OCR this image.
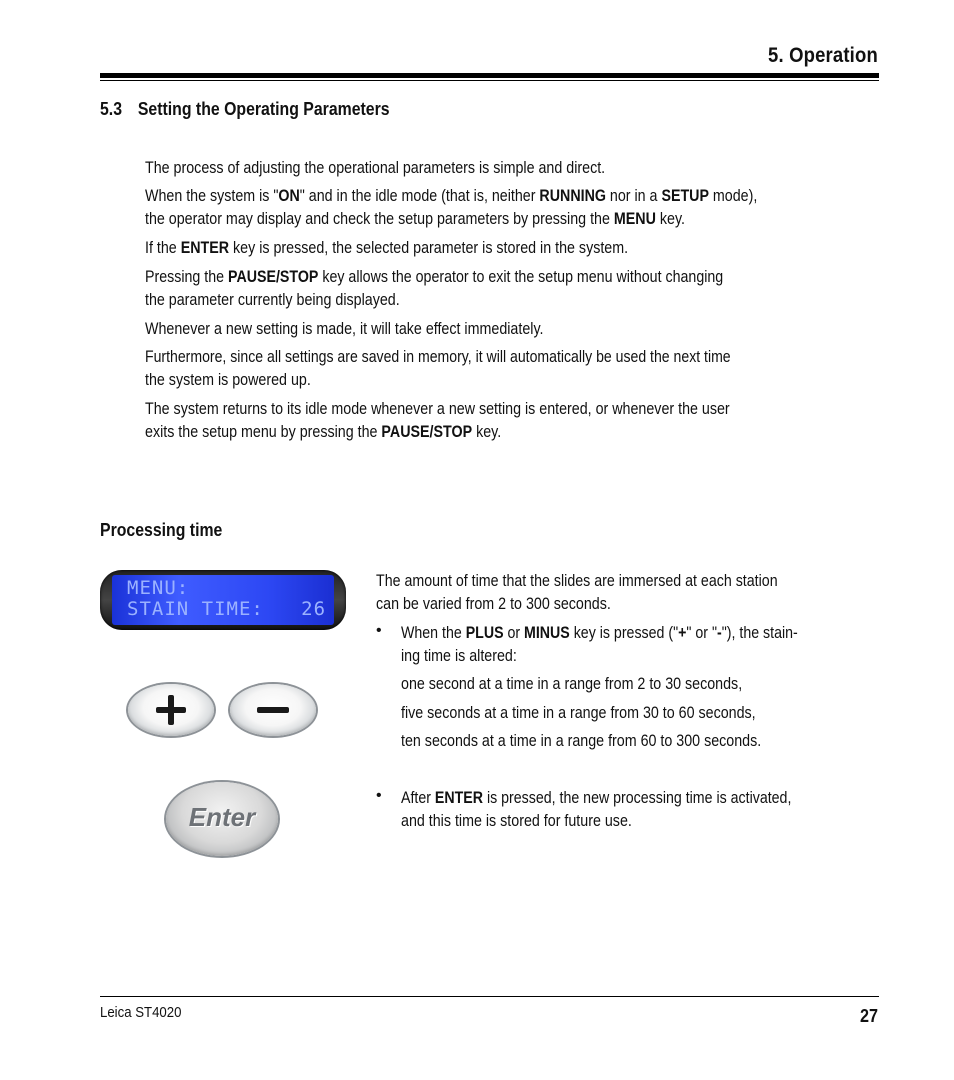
5. Operation
5.3 Setting the Operating Parameters

The process of adjusting the operational parameters is simple and direct.

When the system is "ON" and in the idle mode (that is, neither RUNNING nor in a SETUP mode),
the operator may display and check the setup parameters by pressing the MENU key.

If the ENTER key is pressed, the selected parameter is stored in the system.

Pressing the PAUSE/STOP key allows the operator to exit the setup menu without changing
the parameter currently being displayed.

Whenever a new setting is made, it will take effect immediately.

Furthermore, since all settings are saved in memory, it will automatically be used the next time
the system is powered up.

The system returns to its idle mode whenever a new setting is entered, or whenever the user
exits the setup menu by pressing the PAUSE/STOP key.

Processing time
MENU:
STAIN TIME:   26
Enter

The amount of time that the slides are immersed at each station
can be varied from 2 to 300 seconds.

• When the PLUS or MINUS key is pressed ("+" or "-"), the stain-
ing time is altered:

one second at a time in a range from 2 to 30 seconds,

five seconds at a time in a range from 30 to 60 seconds,

ten seconds at a time in a range from 60 to 300 seconds.

• After ENTER is pressed, the new processing time is activated,
and this time is stored for future use.

Leica ST4020	27
